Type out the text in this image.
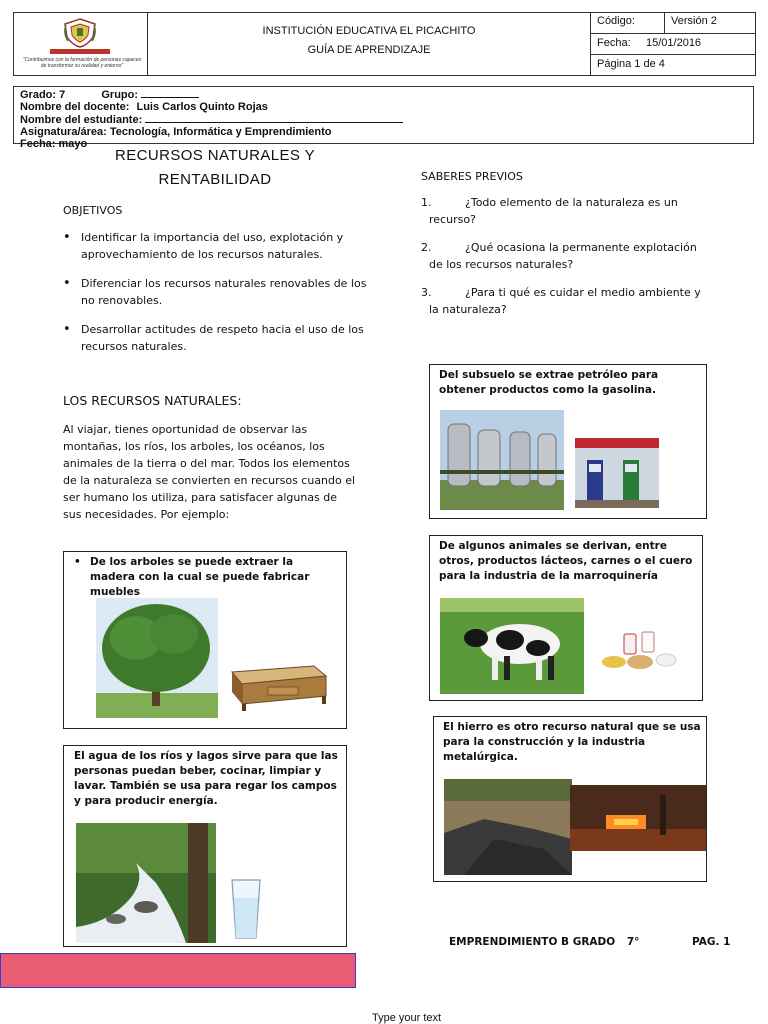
"Contribuimos con la formación de personas capaces de transformar su realidad y entorno"
INSTITUCIÓN EDUCATIVA EL PICACHITO
GUÍA DE APRENDIZAJE
Código:	Versión 2
Fecha: 15/01/2016
Página 1 de 4
Grado: 7	Grupo:
Nombre del docente: Luis Carlos Quinto Rojas
Nombre del estudiante:
Asignatura/área: Tecnología, Informática y Emprendimiento
Fecha: mayo
RECURSOS NATURALES Y
RENTABILIDAD
OBJETIVOS
• Identificar la importancia del uso, explotación y aprovechamiento de los recursos naturales.
• Diferenciar los recursos naturales renovables de los no renovables.
• Desarrollar actitudes de respeto hacia el uso de los recursos naturales.
SABERES PREVIOS
1.	¿Todo elemento de la naturaleza es un
recurso?
2.	¿Qué ocasiona la permanente explotación
de los recursos naturales?
3.	¿Para ti qué es cuidar el medio ambiente y
la naturaleza?
LOS RECURSOS NATURALES:
Al viajar, tienes oportunidad de observar las montañas, los ríos, los arboles, los océanos, los animales de la tierra o del mar. Todos los elementos de la naturaleza se convierten en recursos cuando el ser humano los utiliza, para satisfacer algunas de sus necesidades. Por ejemplo:
• De los arboles se puede extraer la madera con la cual se puede fabricar muebles
El agua de los ríos y lagos sirve para que las personas puedan beber, cocinar, limpiar y lavar. También se usa para regar los campos y para producir energía.
Del subsuelo se extrae petróleo para obtener productos como la gasolina.
De algunos animales se derivan, entre otros, productos lácteos, carnes o el cuero para la industria de la marroquinería
El hierro es otro recurso natural que se usa para la construcción y la industria metalúrgica.
EMPRENDIMIENTO B GRADO 7°	PAG. 1
Type your text
